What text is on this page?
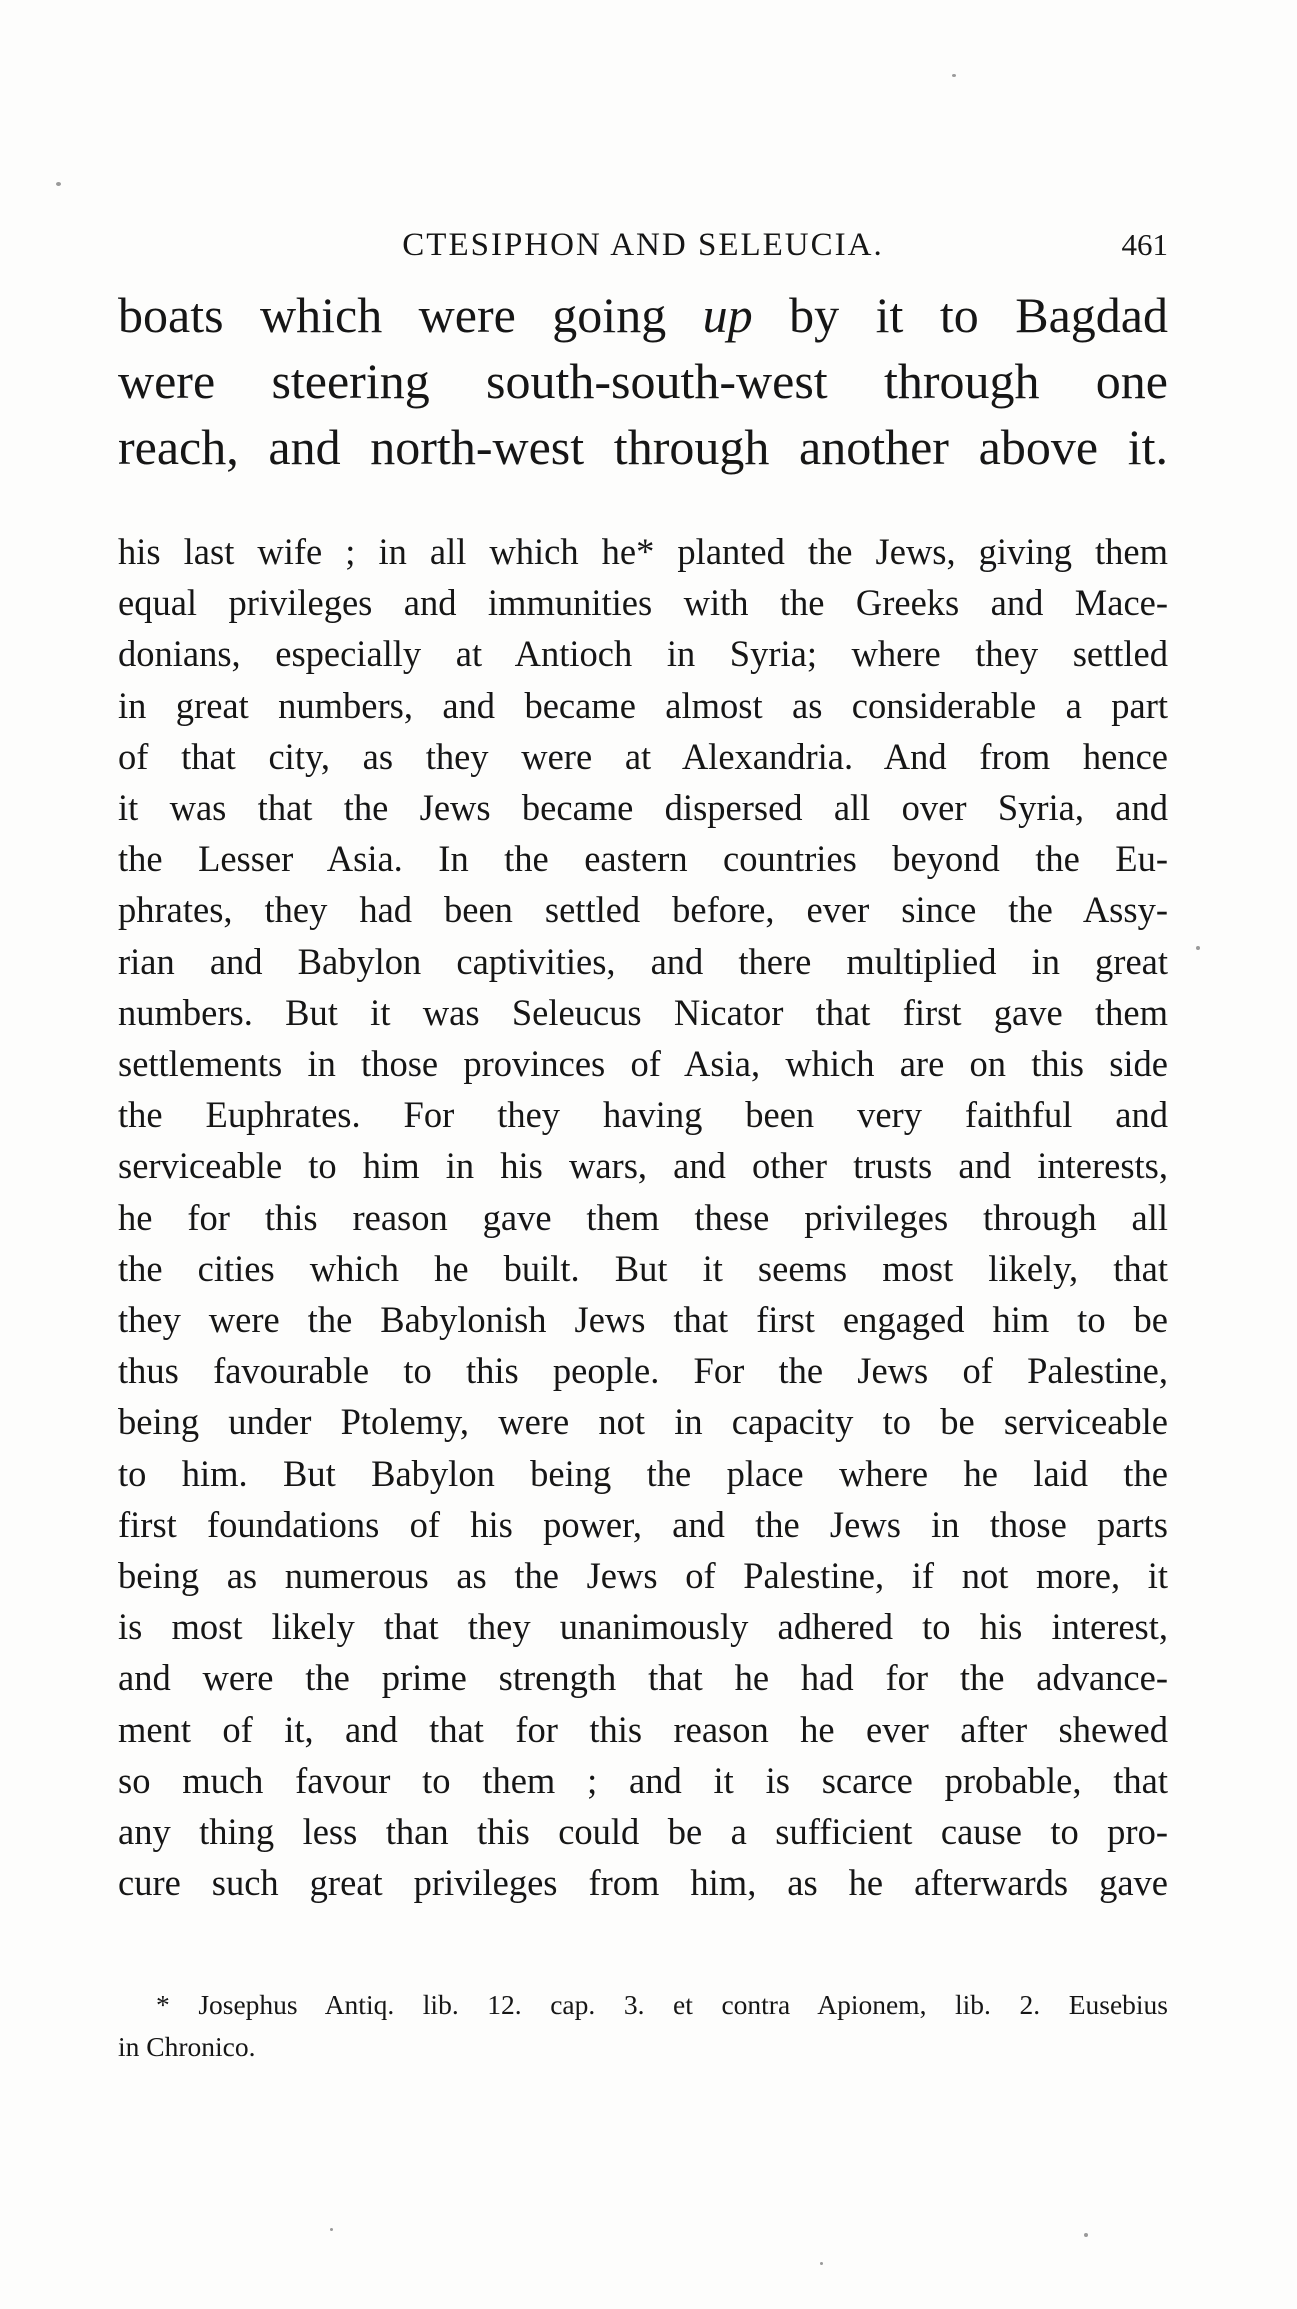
CTESIPHON AND SELEUCIA.	461
boats which were going up by it to Bagdad
were steering south-south-west through one
reach, and north-west through another above it.
his last wife ; in all which he* planted the Jews, giving them
equal privileges and immunities with the Greeks and Mace-
donians, especially at Antioch in Syria; where they settled
in great numbers, and became almost as considerable a part
of that city, as they were at Alexandria. And from hence
it was that the Jews became dispersed all over Syria, and
the Lesser Asia. In the eastern countries beyond the Eu-
phrates, they had been settled before, ever since the Assy-
rian and Babylon captivities, and there multiplied in great
numbers. But it was Seleucus Nicator that first gave them
settlements in those provinces of Asia, which are on this side
the Euphrates. For they having been very faithful and
serviceable to him in his wars, and other trusts and interests,
he for this reason gave them these privileges through all
the cities which he built. But it seems most likely, that
they were the Babylonish Jews that first engaged him to be
thus favourable to this people. For the Jews of Palestine,
being under Ptolemy, were not in capacity to be serviceable
to him. But Babylon being the place where he laid the
first foundations of his power, and the Jews in those parts
being as numerous as the Jews of Palestine, if not more, it
is most likely that they unanimously adhered to his interest,
and were the prime strength that he had for the advance-
ment of it, and that for this reason he ever after shewed
so much favour to them ; and it is scarce probable, that
any thing less than this could be a sufficient cause to pro-
cure such great privileges from him, as he afterwards gave
* Josephus Antiq. lib. 12. cap. 3. et contra Apionem, lib. 2. Eusebius
in Chronico.
